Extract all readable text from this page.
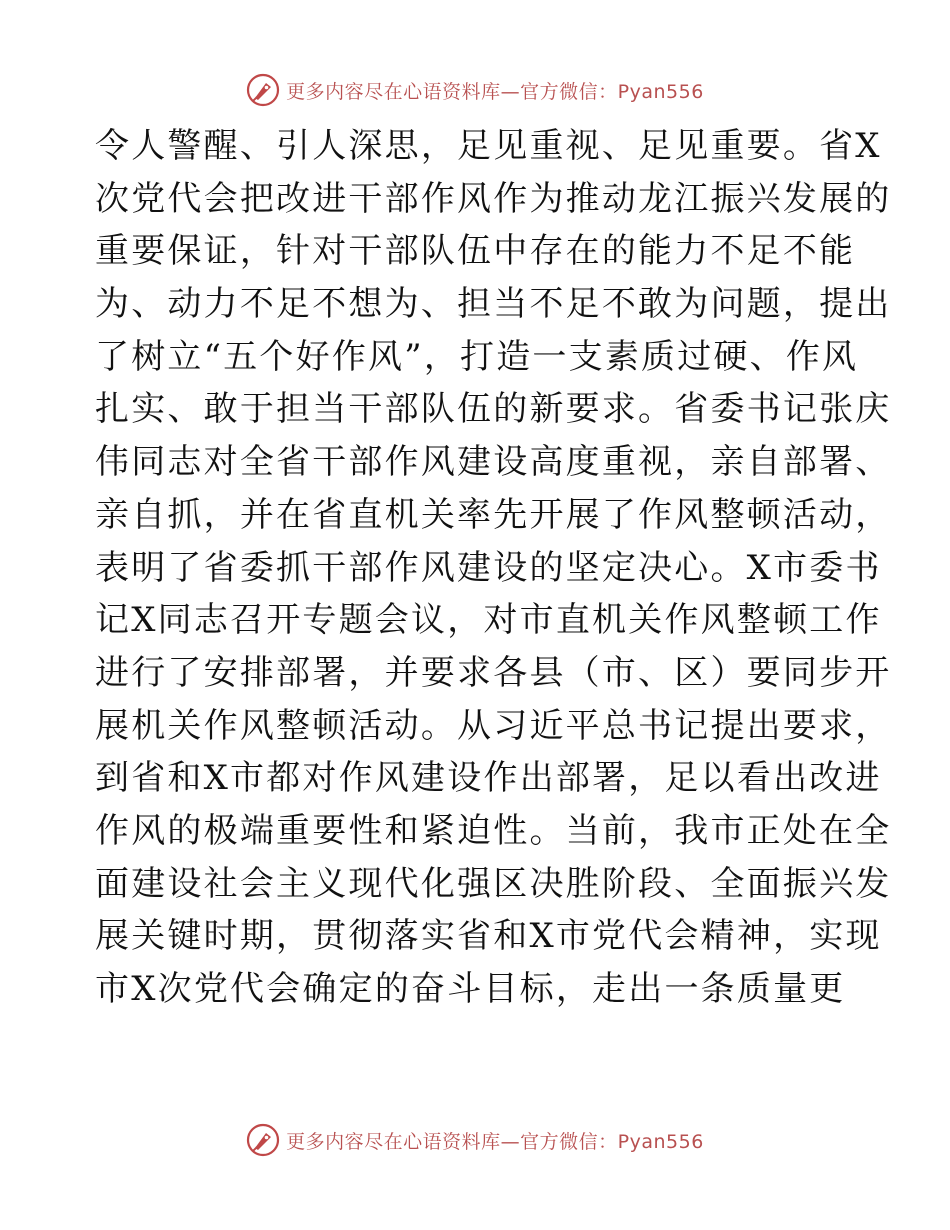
更多内容尽在心语资料库—官方微信：Pyan556
令 人 警 醒 、 引 人 深 思 ， 足 见 重 视 、 足 见 重 要 。 省 X
次 党 代 会 把 改 进 干 部 作 风 作 为 推 动 龙 江 振 兴 发 展 的
重 要 保 证 ， 针 对 干 部 队 伍 中 存 在 的 能 力 不 足 不 能
为 、 动 力 不 足 不 想 为 、 担 当 不 足 不 敢 为 问 题 ， 提 出
了 树 立 “ 五 个 好 作 风 ” ， 打 造 一 支 素 质 过 硬 、 作 风
扎 实 、 敢 于 担 当 干 部 队 伍 的 新 要 求 。 省 委 书 记 张 庆
伟 同 志 对 全 省 干 部 作 风 建 设 高 度 重 视 ， 亲 自 部 署 、
亲 自 抓 ， 并 在 省 直 机 关 率 先 开 展 了 作 风 整 顿 活 动 ，
表 明 了 省 委 抓 干 部 作 风 建 设 的 坚 定 决 心 。 X 市 委 书
记 X 同 志 召 开 专 题 会 议 ， 对 市 直 机 关 作 风 整 顿 工 作
进 行 了 安 排 部 署 ， 并 要 求 各 县 （ 市 、 区 ） 要 同 步 开
展 机 关 作 风 整 顿 活 动 。 从 习 近 平 总 书 记 提 出 要 求 ，
到 省 和 X 市 都 对 作 风 建 设 作 出 部 署 ， 足 以 看 出 改 进
作 风 的 极 端 重 要 性 和 紧 迫 性 。 当 前 ， 我 市 正 处 在 全
面 建 设 社 会 主 义 现 代 化 强 区 决 胜 阶 段 、 全 面 振 兴 发
展 关 键 时 期 ， 贯 彻 落 实 省 和 X 市 党 代 会 精 神 ， 实 现
市 X 次 党 代 会 确 定 的 奋 斗 目 标 ， 走 出 一 条 质 量 更
更多内容尽在心语资料库—官方微信：Pyan556
